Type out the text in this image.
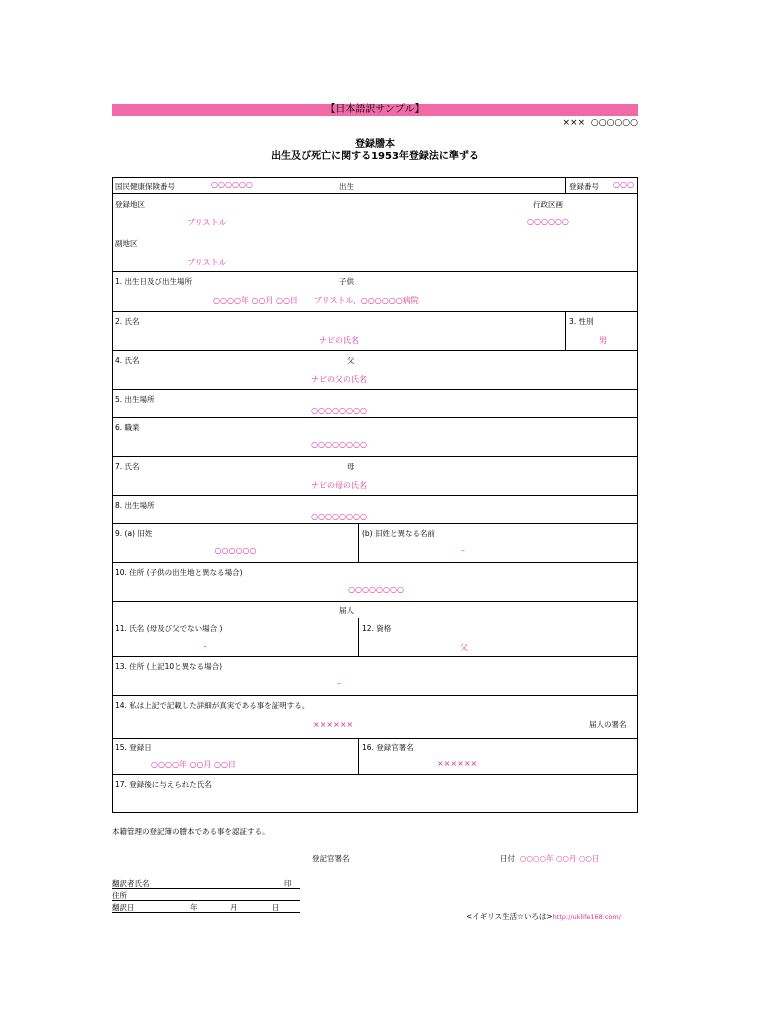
【日本語訳サンプル】
××× ○○○○○○
登録謄本
出生及び死亡に関する1953年登録法に準ずる
国民健康保険番号	○○○○○○	出生	登録番号 ○○○
登録地区	行政区画
ブリストル	○○○○○○
副地区
ブリストル
1. 出生日及び出生場所	子供
○○○○年 ○○月 ○○日　　ブリストル、○○○○○○病院
2. 氏名
ナビの氏名
3. 性別
男
4. 氏名	父
ナビの父の氏名
5. 出生場所
○○○○○○○○
6. 職業
○○○○○○○○
7. 氏名	母
ナビの母の氏名
8. 出生場所
○○○○○○○○
9. (a) 旧姓
○○○○○○
(b) 旧姓と異なる名前
–
10. 住所 (子供の出生地と異なる場合)
○○○○○○○○
届人
11. 氏名 (母及び父でない場合 )
–
12. 資格
父
13. 住所 (上記10と異なる場合)
–
14. 私は上記で記載した詳細が真実である事を証明する。
××××××	届人の署名
15. 登録日
○○○○年 ○○月 ○○日
16. 登録官署名
××××××
17. 登録後に与えられた氏名
本籍管理の登記簿の謄本である事を認証する。
登記官署名	日付 ○○○○年 ○○月 ○○日
翻訳者氏名	印
住所
翻訳日	年	月	日
<イギリス生活☆いろは>http://uklife168.com/
